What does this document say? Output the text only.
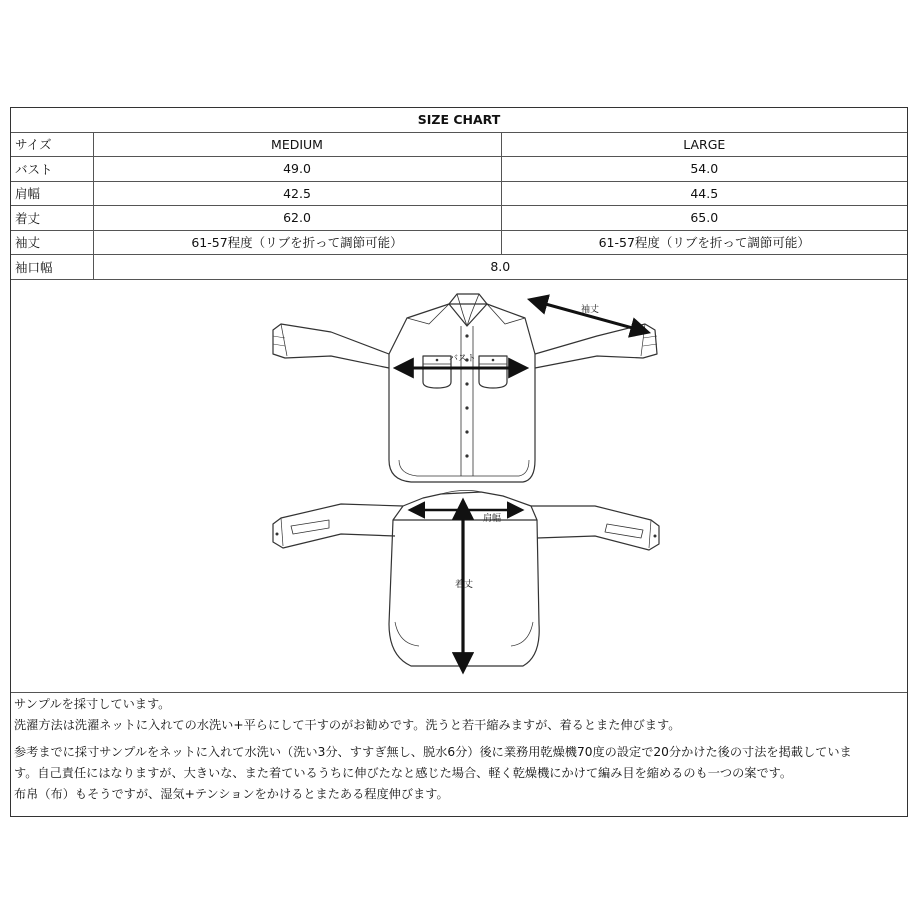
SIZE CHART		
サイズ	MEDIUM	LARGE
バスト	49.0	54.0
肩幅	42.5	44.5
着丈	62.0	65.0
袖丈	61-57程度（リブを折って調節可能）	61-57程度（リブを折って調節可能）
袖口幅	8.0	
袖丈
バスト
肩幅
着丈

サンプルを採寸しています。

洗濯方法は洗濯ネットに入れての水洗い+平らにして干すのがお勧めです。洗うと若干縮みますが、着るとまた伸びます。

参考までに採寸サンプルをネットに入れて水洗い（洗い3分、すすぎ無し、脱水6分）後に業務用乾燥機70度の設定で20分かけた後の寸法を掲載していま

す。自己責任にはなりますが、大きいな、また着ているうちに伸びたなと感じた場合、軽く乾燥機にかけて編み目を縮めるのも一つの案です。

布帛（布）もそうですが、湿気+テンションをかけるとまたある程度伸びます。
